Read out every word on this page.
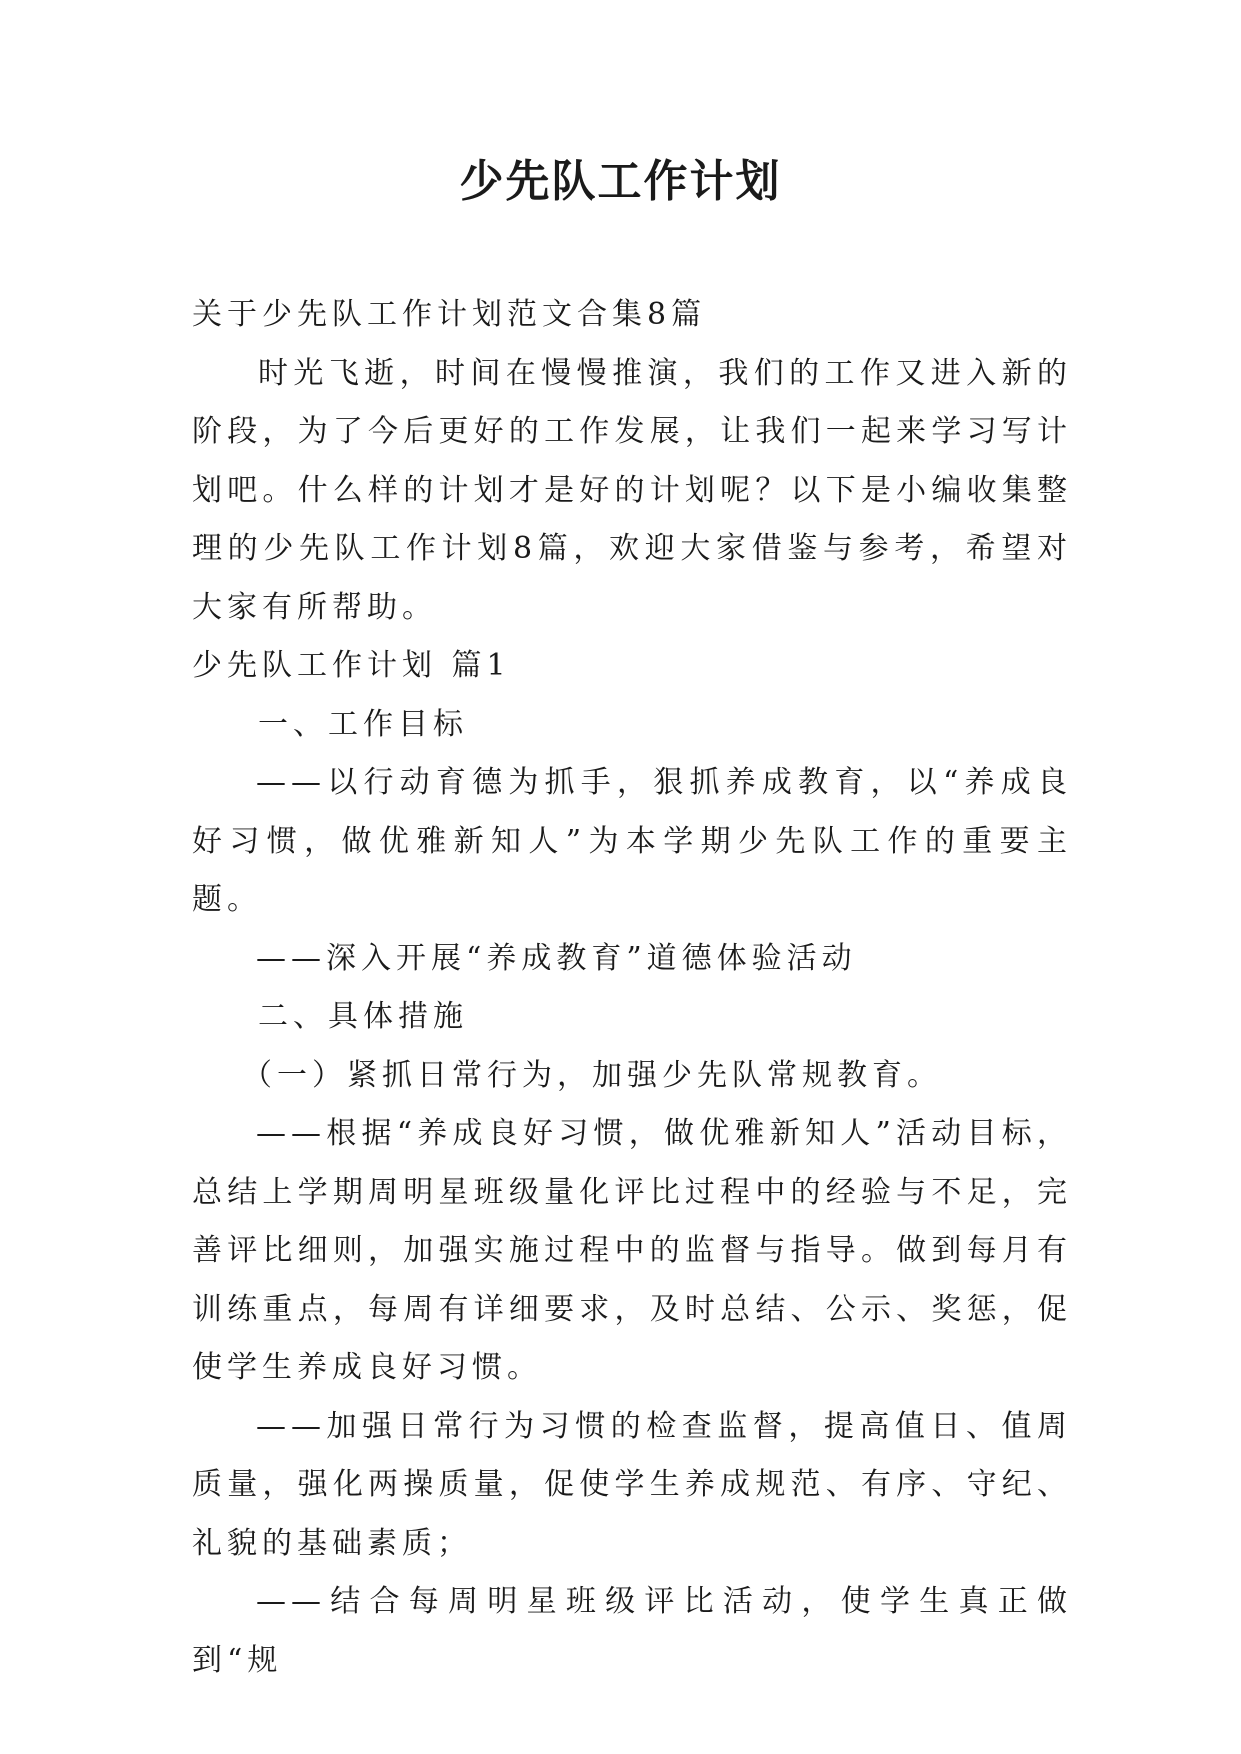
少先队工作计划

关于少先队工作计划范文合集8篇

时光飞逝，时间在慢慢推演，我们的工作又进入新的阶段，为了今后更好的工作发展，让我们一起来学习写计划吧。什么样的计划才是好的计划呢？以下是小编收集整理的少先队工作计划8篇，欢迎大家借鉴与参考，希望对大家有所帮助。

少先队工作计划 篇1

一、工作目标

——以行动育德为抓手，狠抓养成教育，以“养成良好习惯，做优雅新知人”为本学期少先队工作的重要主题。

——深入开展“养成教育”道德体验活动

二、具体措施

（一）紧抓日常行为，加强少先队常规教育。

——根据“养成良好习惯，做优雅新知人”活动目标，总结上学期周明星班级量化评比过程中的经验与不足，完善评比细则，加强实施过程中的监督与指导。做到每月有训练重点，每周有详细要求，及时总结、公示、奖惩，促使学生养成良好习惯。

——加强日常行为习惯的检查监督，提高值日、值周质量，强化两操质量，促使学生养成规范、有序、守纪、礼貌的基础素质；

——结合每周明星班级评比活动，使学生真正做到“规
